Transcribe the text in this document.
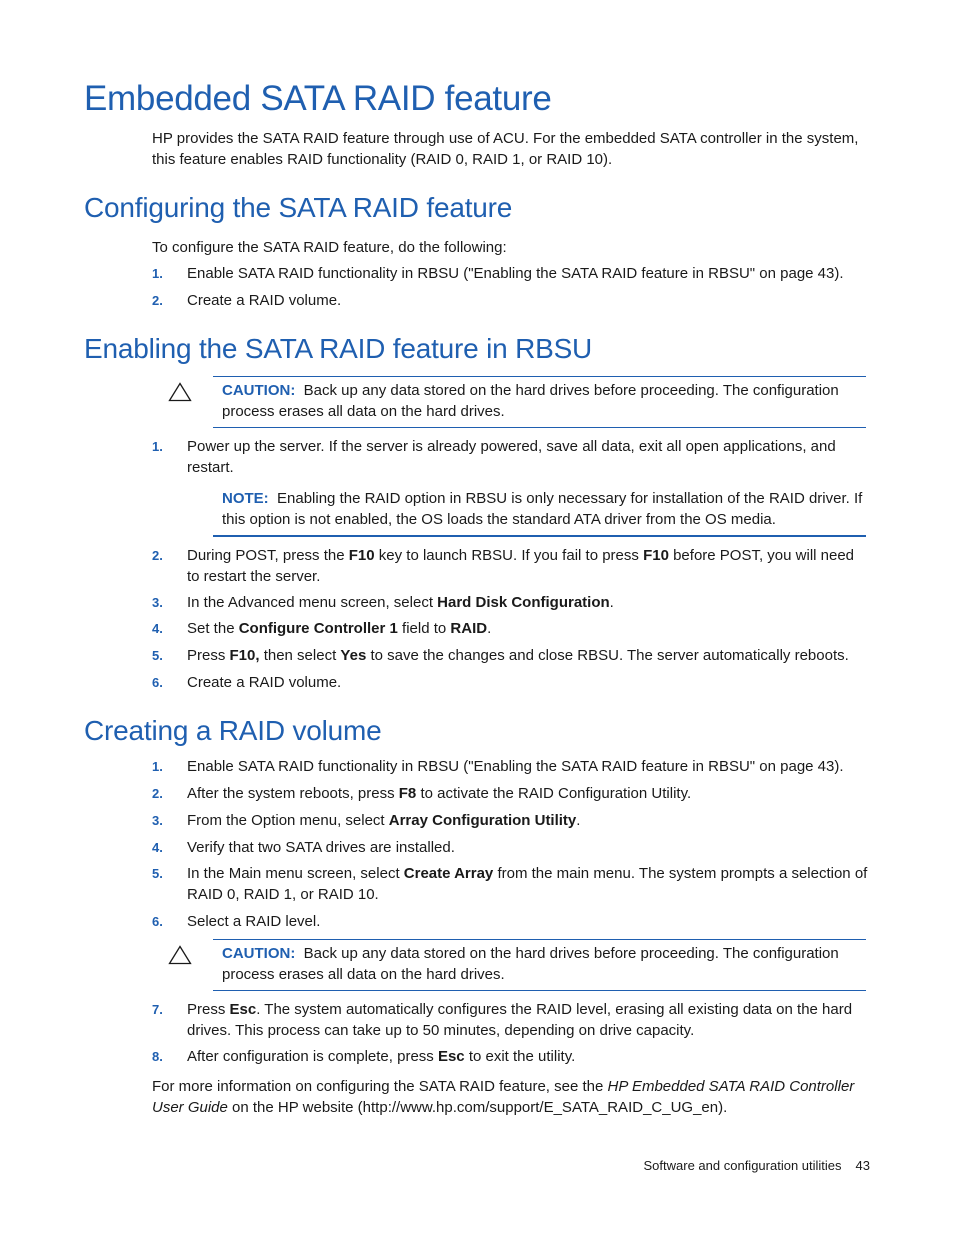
Embedded SATA RAID feature

HP provides the SATA RAID feature through use of ACU. For the embedded SATA controller in the system, this feature enables RAID functionality (RAID 0, RAID 1, or RAID 10).

Configuring the SATA RAID feature

To configure the SATA RAID feature, do the following:

1. Enable SATA RAID functionality in RBSU ("Enabling the SATA RAID feature in RBSU" on page 43).
2. Create a RAID volume.
Enabling the SATA RAID feature in RBSU
CAUTION: Back up any data stored on the hard drives before proceeding. The configuration process erases all data on the hard drives.
1. Power up the server. If the server is already powered, save all data, exit all open applications, and restart.
NOTE: Enabling the RAID option in RBSU is only necessary for installation of the RAID driver. If this option is not enabled, the OS loads the standard ATA driver from the OS media.
2. During POST, press the F10 key to launch RBSU. If you fail to press F10 before POST, you will need to restart the server.
3. In the Advanced menu screen, select Hard Disk Configuration.
4. Set the Configure Controller 1 field to RAID.
5. Press F10, then select Yes to save the changes and close RBSU. The server automatically reboots.
6. Create a RAID volume.
Creating a RAID volume
1. Enable SATA RAID functionality in RBSU ("Enabling the SATA RAID feature in RBSU" on page 43).
2. After the system reboots, press F8 to activate the RAID Configuration Utility.
3. From the Option menu, select Array Configuration Utility.
4. Verify that two SATA drives are installed.
5. In the Main menu screen, select Create Array from the main menu. The system prompts a selection of RAID 0, RAID 1, or RAID 10.
6. Select a RAID level.
CAUTION: Back up any data stored on the hard drives before proceeding. The configuration process erases all data on the hard drives.
7. Press Esc. The system automatically configures the RAID level, erasing all existing data on the hard drives. This process can take up to 50 minutes, depending on drive capacity.
8. After configuration is complete, press Esc to exit the utility.

For more information on configuring the SATA RAID feature, see the HP Embedded SATA RAID Controller User Guide on the HP website (http://www.hp.com/support/E_SATA_RAID_C_UG_en).

Software and configuration utilities 43
